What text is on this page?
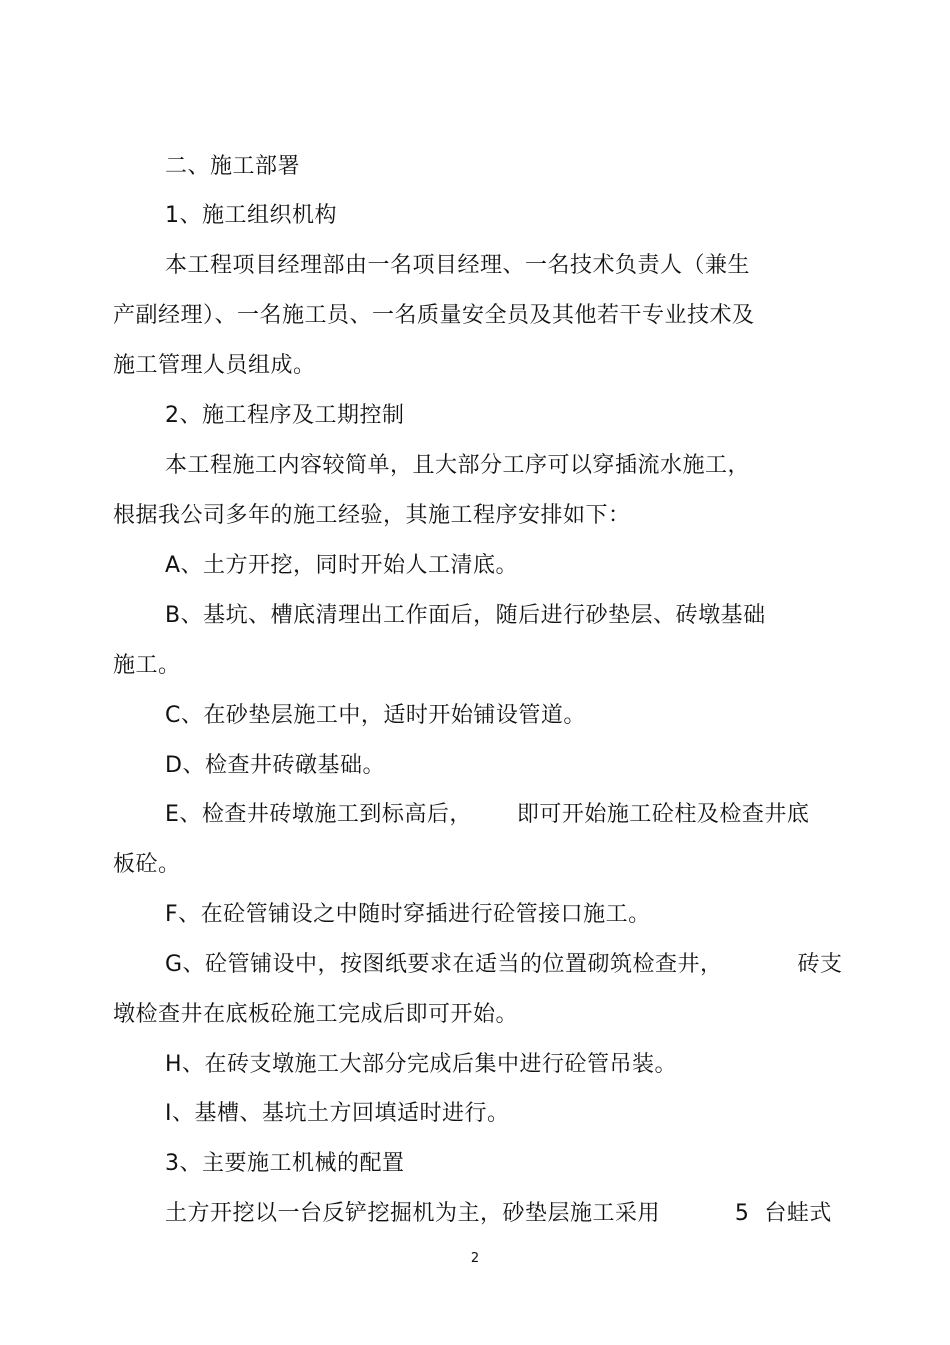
二、施工部署
1、施工组织机构
本工程项目经理部由一名项目经理、一名技术负责人（兼生
产副经理）、一名施工员、一名质量安全员及其他若干专业技术及
施工管理人员组成。
2、施工程序及工期控制
本工程施工内容较简单，且大部分工序可以穿插流水施工，
根据我公司多年的施工经验，其施工程序安排如下：
A、土方开挖，同时开始人工清底。
B、基坑、槽底清理出工作面后，随后进行砂垫层、砖墩基础
施工。
C、在砂垫层施工中，适时开始铺设管道。
D、检查井砖礅基础。
E、检查井砖墩施工到标高后，      即可开始施工砼柱及检查井底
板砼。
F、在砼管铺设之中随时穿插进行砼管接口施工。
G、砼管铺设中，按图纸要求在适当的位置砌筑检查井，          砖支
墩检查井在底板砼施工完成后即可开始。
H、在砖支墩施工大部分完成后集中进行砼管吊装。
I、基槽、基坑土方回填适时进行。
3、主要施工机械的配置
土方开挖以一台反铲挖掘机为主，砂垫层施工采用          5  台蛙式
2
